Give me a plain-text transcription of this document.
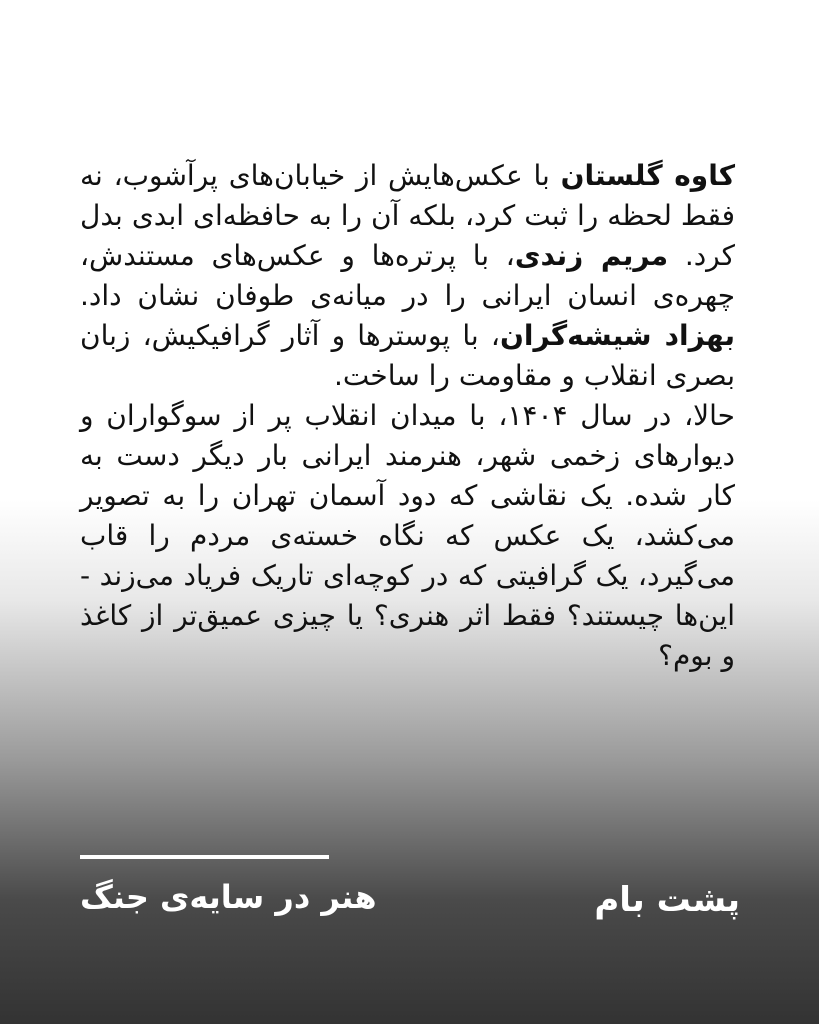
کاوه گلستان با عکس‌هایش از خیابان‌های پرآشوب، نه فقط لحظه را ثبت کرد، بلکه آن را به حافظه‌ای ابدی بدل کرد. مریم زندی، با پرتره‌ها و عکس‌های مستندش، چهره‌ی انسان ایرانی را در میانه‌ی طوفان نشان داد. بهزاد شیشه‌گران، با پوسترها و آثار گرافیکیش، زبان بصری انقلاب و مقاومت را ساخت.

حالا، در سال ۱۴۰۴، با میدان انقلاب پر از سوگواران و دیوارهای زخمی شهر، هنرمند ایرانی بار دیگر دست به کار شده. یک نقاشی که دود آسمان تهران را به تصویر می‌کشد، یک عکس که نگاه خسته‌ی مردم را قاب می‌گیرد، یک گرافیتی که در کوچه‌ای تاریک فریاد می‌زند - این‌ها چیستند؟ فقط اثر هنری؟ یا چیزی عمیق‌تر از کاغذ و بوم؟

هنر در سایه‌ی جنگ	پشت بام
